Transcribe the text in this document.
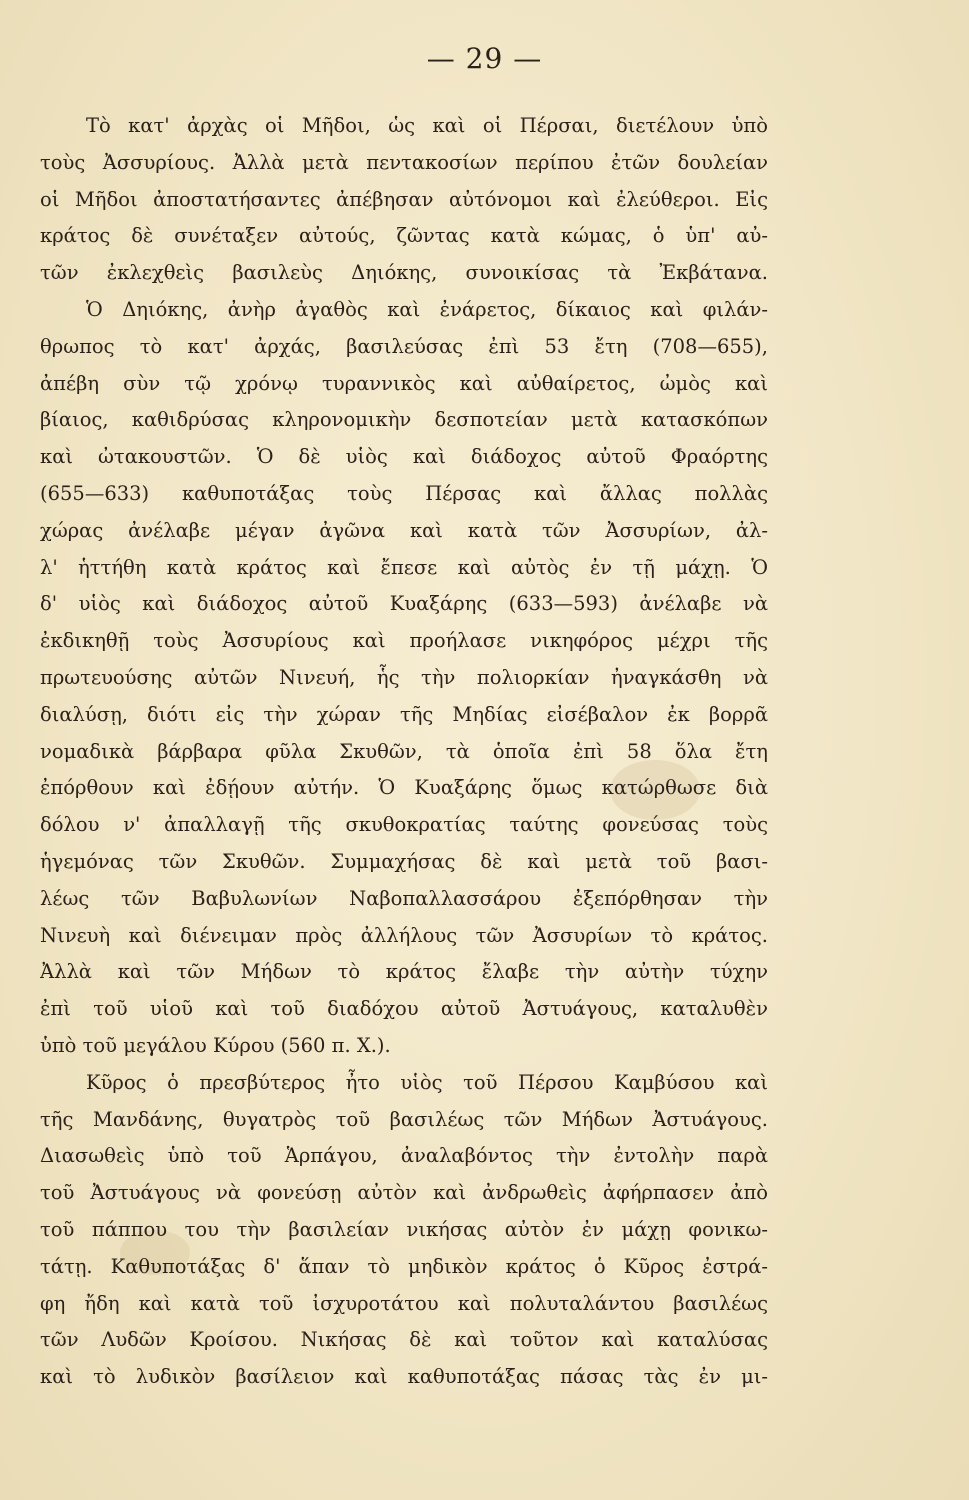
— 29 —
Τὸ κατ' ἀρχὰς οἱ Μῆδοι, ὡς καὶ οἱ Πέρσαι, διετέλουν ὑπὸ
τοὺς Ἀσσυρίους. Ἀλλὰ μετὰ πεντακοσίων περίπου ἐτῶν δουλείαν
οἱ Μῆδοι ἀποστατήσαντες ἀπέβησαν αὐτόνομοι καὶ ἐλεύθεροι. Εἰς
κράτος δὲ συνέταξεν αὐτούς, ζῶντας κατὰ κώμας, ὁ ὑπ' αὐ-
τῶν ἐκλεχθεὶς βασιλεὺς Δηιόκης, συνοικίσας τὰ Ἐκβάτανα.
Ὁ Δηιόκης, ἀνὴρ ἀγαθὸς καὶ ἐνάρετος, δίκαιος καὶ φιλάν-
θρωπος τὸ κατ' ἀρχάς, βασιλεύσας ἐπὶ 53 ἔτη (708—655),
ἀπέβη σὺν τῷ χρόνῳ τυραννικὸς καὶ αὐθαίρετος, ὠμὸς καὶ
βίαιος, καθιδρύσας κληρονομικὴν δεσποτείαν μετὰ κατασκόπων
καὶ ὠτακουστῶν. Ὁ δὲ υἱὸς καὶ διάδοχος αὐτοῦ Φραόρτης
(655—633) καθυποτάξας τοὺς Πέρσας καὶ ἄλλας πολλὰς
χώρας ἀνέλαβε μέγαν ἀγῶνα καὶ κατὰ τῶν Ἀσσυρίων, ἀλ-
λ' ἡττήθη κατὰ κράτος καὶ ἔπεσε καὶ αὐτὸς ἐν τῇ μάχῃ. Ὁ
δ' υἱὸς καὶ διάδοχος αὐτοῦ Κυαξάρης (633—593) ἀνέλαβε νὰ
ἐκδικηθῇ τοὺς Ἀσσυρίους καὶ προήλασε νικηφόρος μέχρι τῆς
πρωτευούσης αὐτῶν Νινευή, ἧς τὴν πολιορκίαν ἠναγκάσθη νὰ
διαλύσῃ, διότι εἰς τὴν χώραν τῆς Μηδίας εἰσέβαλον ἐκ βορρᾶ
νομαδικὰ βάρβαρα φῦλα Σκυθῶν, τὰ ὁποῖα ἐπὶ 58 ὅλα ἔτη
ἐπόρθουν καὶ ἐδῄουν αὐτήν. Ὁ Κυαξάρης ὅμως κατώρθωσε διὰ
δόλου ν' ἀπαλλαγῇ τῆς σκυθοκρατίας ταύτης φονεύσας τοὺς
ἡγεμόνας τῶν Σκυθῶν. Συμμαχήσας δὲ καὶ μετὰ τοῦ βασι-
λέως τῶν Βαβυλωνίων Ναβοπαλλασσάρου ἐξεπόρθησαν τὴν
Νινευὴ καὶ διένειμαν πρὸς ἀλλήλους τῶν Ἀσσυρίων τὸ κράτος.
Ἀλλὰ καὶ τῶν Μήδων τὸ κράτος ἔλαβε τὴν αὐτὴν τύχην
ἐπὶ τοῦ υἱοῦ καὶ τοῦ διαδόχου αὐτοῦ Ἀστυάγους, καταλυθὲν
ὑπὸ τοῦ μεγάλου Κύρου (560 π. Χ.).
Κῦρος ὁ πρεσβύτερος ἦτο υἱὸς τοῦ Πέρσου Καμβύσου καὶ
τῆς Μανδάνης, θυγατρὸς τοῦ βασιλέως τῶν Μήδων Ἀστυάγους.
Διασωθεὶς ὑπὸ τοῦ Ἁρπάγου, ἀναλαβόντος τὴν ἐντολὴν παρὰ
τοῦ Ἀστυάγους νὰ φονεύσῃ αὐτὸν καὶ ἀνδρωθεὶς ἀφήρπασεν ἀπὸ
τοῦ πάππου του τὴν βασιλείαν νικήσας αὐτὸν ἐν μάχῃ φονικω-
τάτῃ. Καθυποτάξας δ' ἅπαν τὸ μηδικὸν κράτος ὁ Κῦρος ἐστρά-
φη ἤδη καὶ κατὰ τοῦ ἰσχυροτάτου καὶ πολυταλάντου βασιλέως
τῶν Λυδῶν Κροίσου. Νικήσας δὲ καὶ τοῦτον καὶ καταλύσας
καὶ τὸ λυδικὸν βασίλειον καὶ καθυποτάξας πάσας τὰς ἐν μι-
